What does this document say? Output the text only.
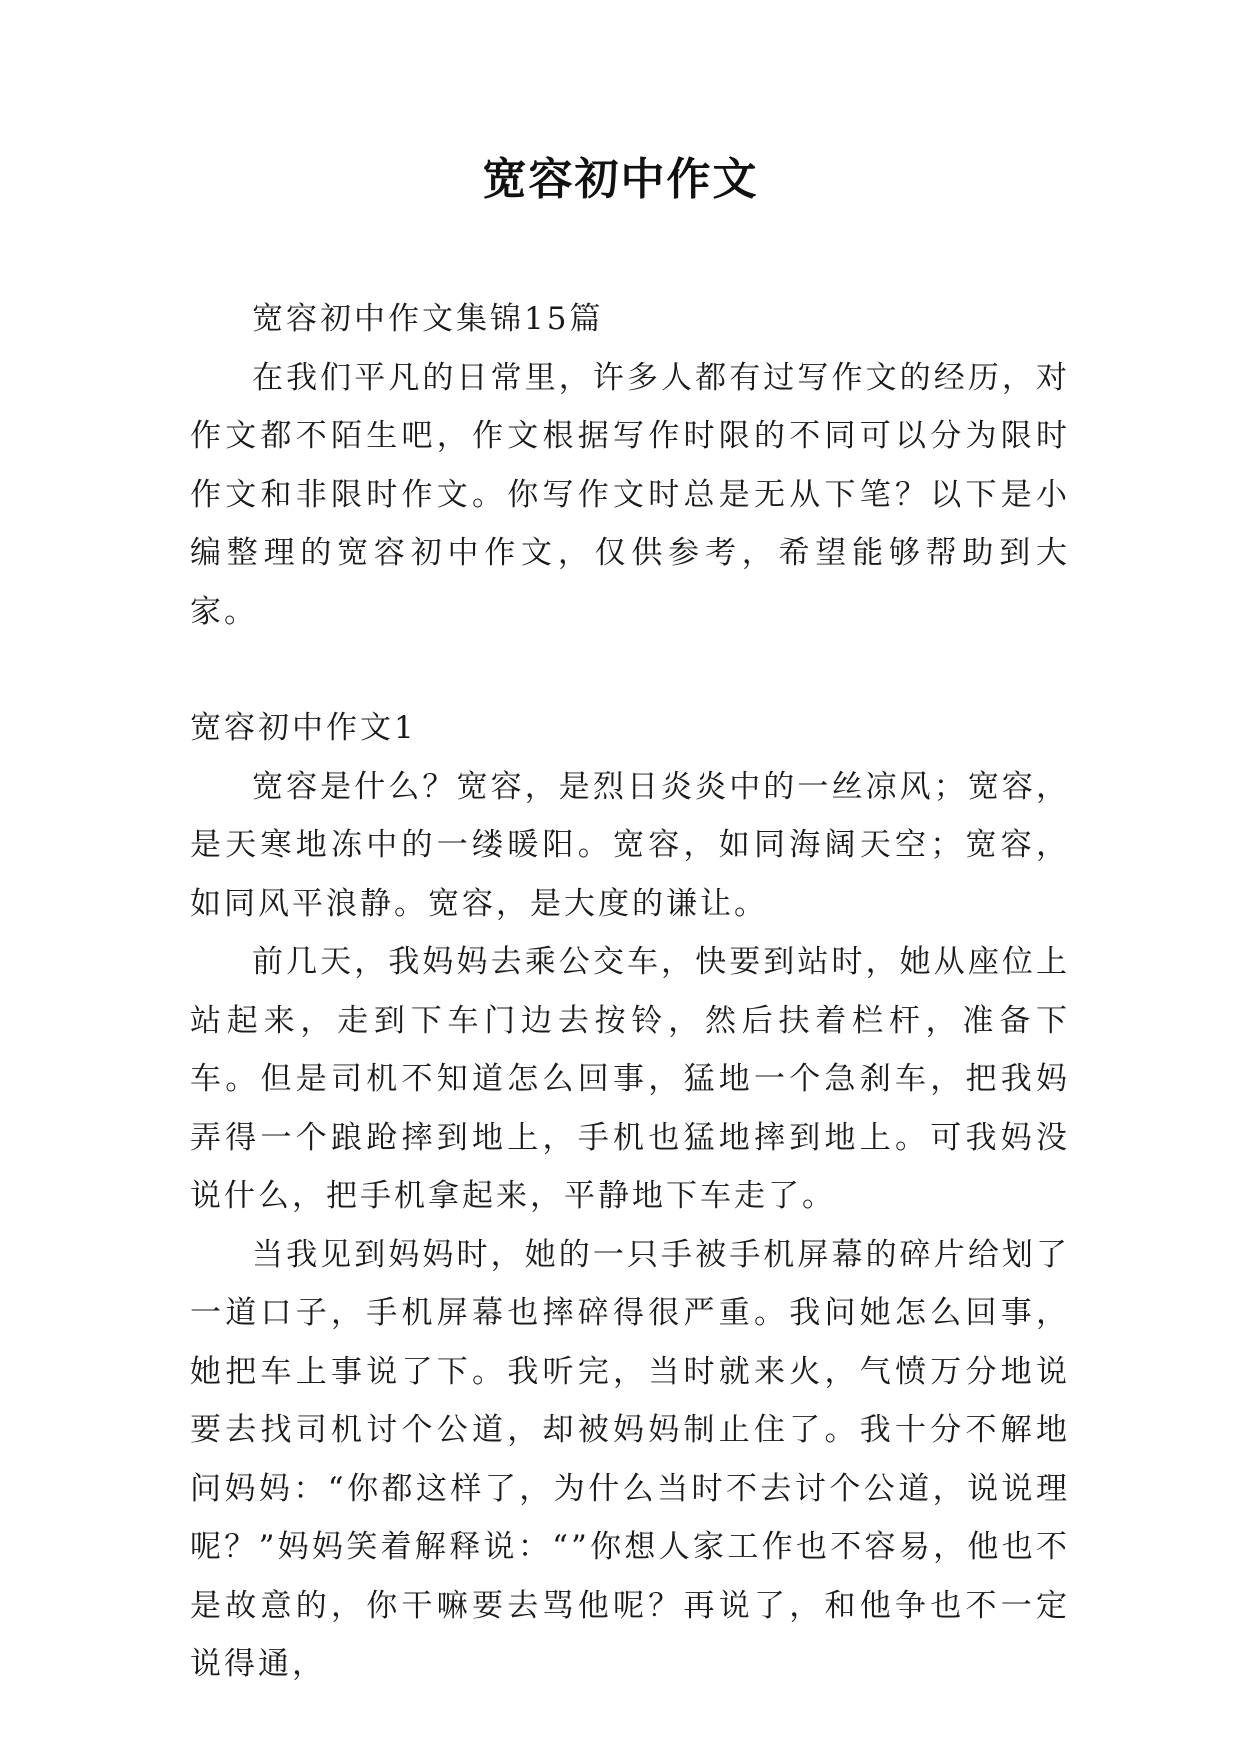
宽容初中作文

宽容初中作文集锦15篇

在我们平凡的日常里，许多人都有过写作文的经历，对作文都不陌生吧，作文根据写作时限的不同可以分为限时作文和非限时作文。你写作文时总是无从下笔？以下是小编整理的宽容初中作文，仅供参考，希望能够帮助到大家。

宽容初中作文1

宽容是什么？宽容，是烈日炎炎中的一丝凉风；宽容，是天寒地冻中的一缕暖阳。宽容，如同海阔天空；宽容，如同风平浪静。宽容，是大度的谦让。

前几天，我妈妈去乘公交车，快要到站时，她从座位上站起来，走到下车门边去按铃，然后扶着栏杆，准备下车。但是司机不知道怎么回事，猛地一个急刹车，把我妈弄得一个踉跄摔到地上，手机也猛地摔到地上。可我妈没说什么，把手机拿起来，平静地下车走了。

当我见到妈妈时，她的一只手被手机屏幕的碎片给划了一道口子，手机屏幕也摔碎得很严重。我问她怎么回事，她把车上事说了下。我听完，当时就来火，气愤万分地说要去找司机讨个公道，却被妈妈制止住了。我十分不解地问妈妈：“你都这样了，为什么当时不去讨个公道，说说理呢？”妈妈笑着解释说：“”你想人家工作也不容易，他也不是故意的，你干嘛要去骂他呢？再说了，和他争也不一定说得通，
